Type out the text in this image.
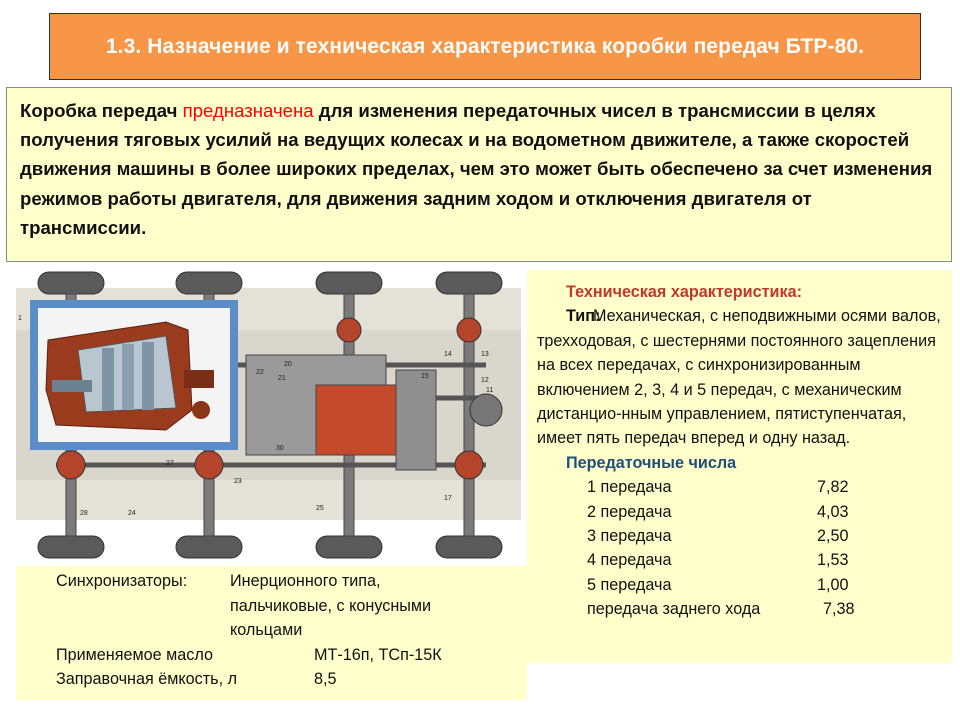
1.3. Назначение и техническая характеристика коробки передач БТР-80.
Коробка передач предназначена для изменения передаточных чисел в трансмиссии в целях получения тяговых усилий на ведущих колесах и на водометном движителе, а также скоростей движения машины в более широких пределах, чем это может быть обеспечено за счет изменения режимов работы двигателя, для движения задним ходом и отключения двигателя от трансмиссии.
1
14	13
12
11
22
21
20
15
30
23
17
24
28
25
27

Техническая характеристика:

Тип:

Механическая, с неподвижными осями валов, трехходовая, с шестернями постоянного зацепления на всех передачах, с синхронизированным включением 2, 3, 4 и 5 передач, с механическим дистанцио-нным управлением, пятиступенчатая, имеет пять передач вперед и одну назад.

Передаточные числа

1 передача	7,82
2 передача	4,03
3 передача	2,50
4 передача	1,53
5 передача	1,00
передача заднего хода	7,38
Синхронизаторы:	Инерционного типа,
пальчиковые, с конусными
кольцами
Применяемое масло	МТ-16п, ТСп-15К
Заправочная ёмкость, л	8,5
